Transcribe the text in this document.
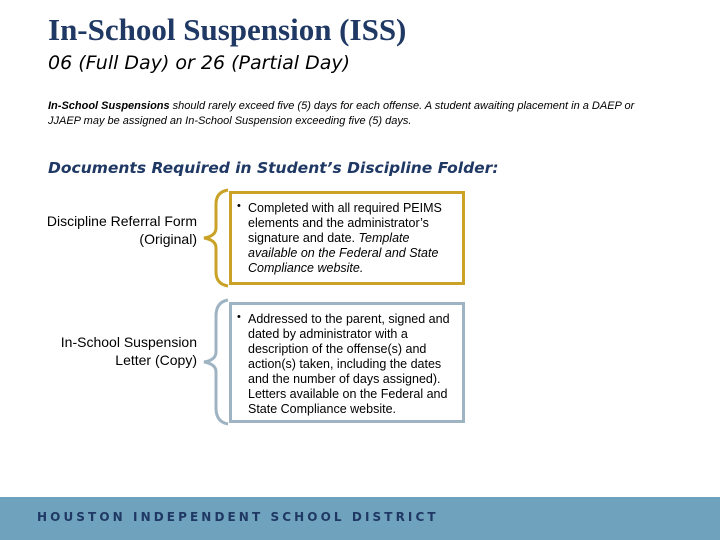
In-School Suspension (ISS)
06 (Full Day) or 26 (Partial Day)
In-School Suspensions should rarely exceed five (5) days for each offense. A student awaiting placement in a DAEP or JJAEP may be assigned an In-School Suspension exceeding five (5) days.
Documents Required in Student’s Discipline Folder:
Discipline Referral Form (Original)
• Completed with all required PEIMS elements and the administrator’s signature and date. Template available on the Federal and State Compliance website.
In-School Suspension Letter (Copy)
• Addressed to the parent, signed and dated by administrator with a description of the offense(s) and action(s) taken, including the dates and the number of days assigned). Letters available on the Federal and State Compliance website.
HOUSTON INDEPENDENT SCHOOL DISTRICT
